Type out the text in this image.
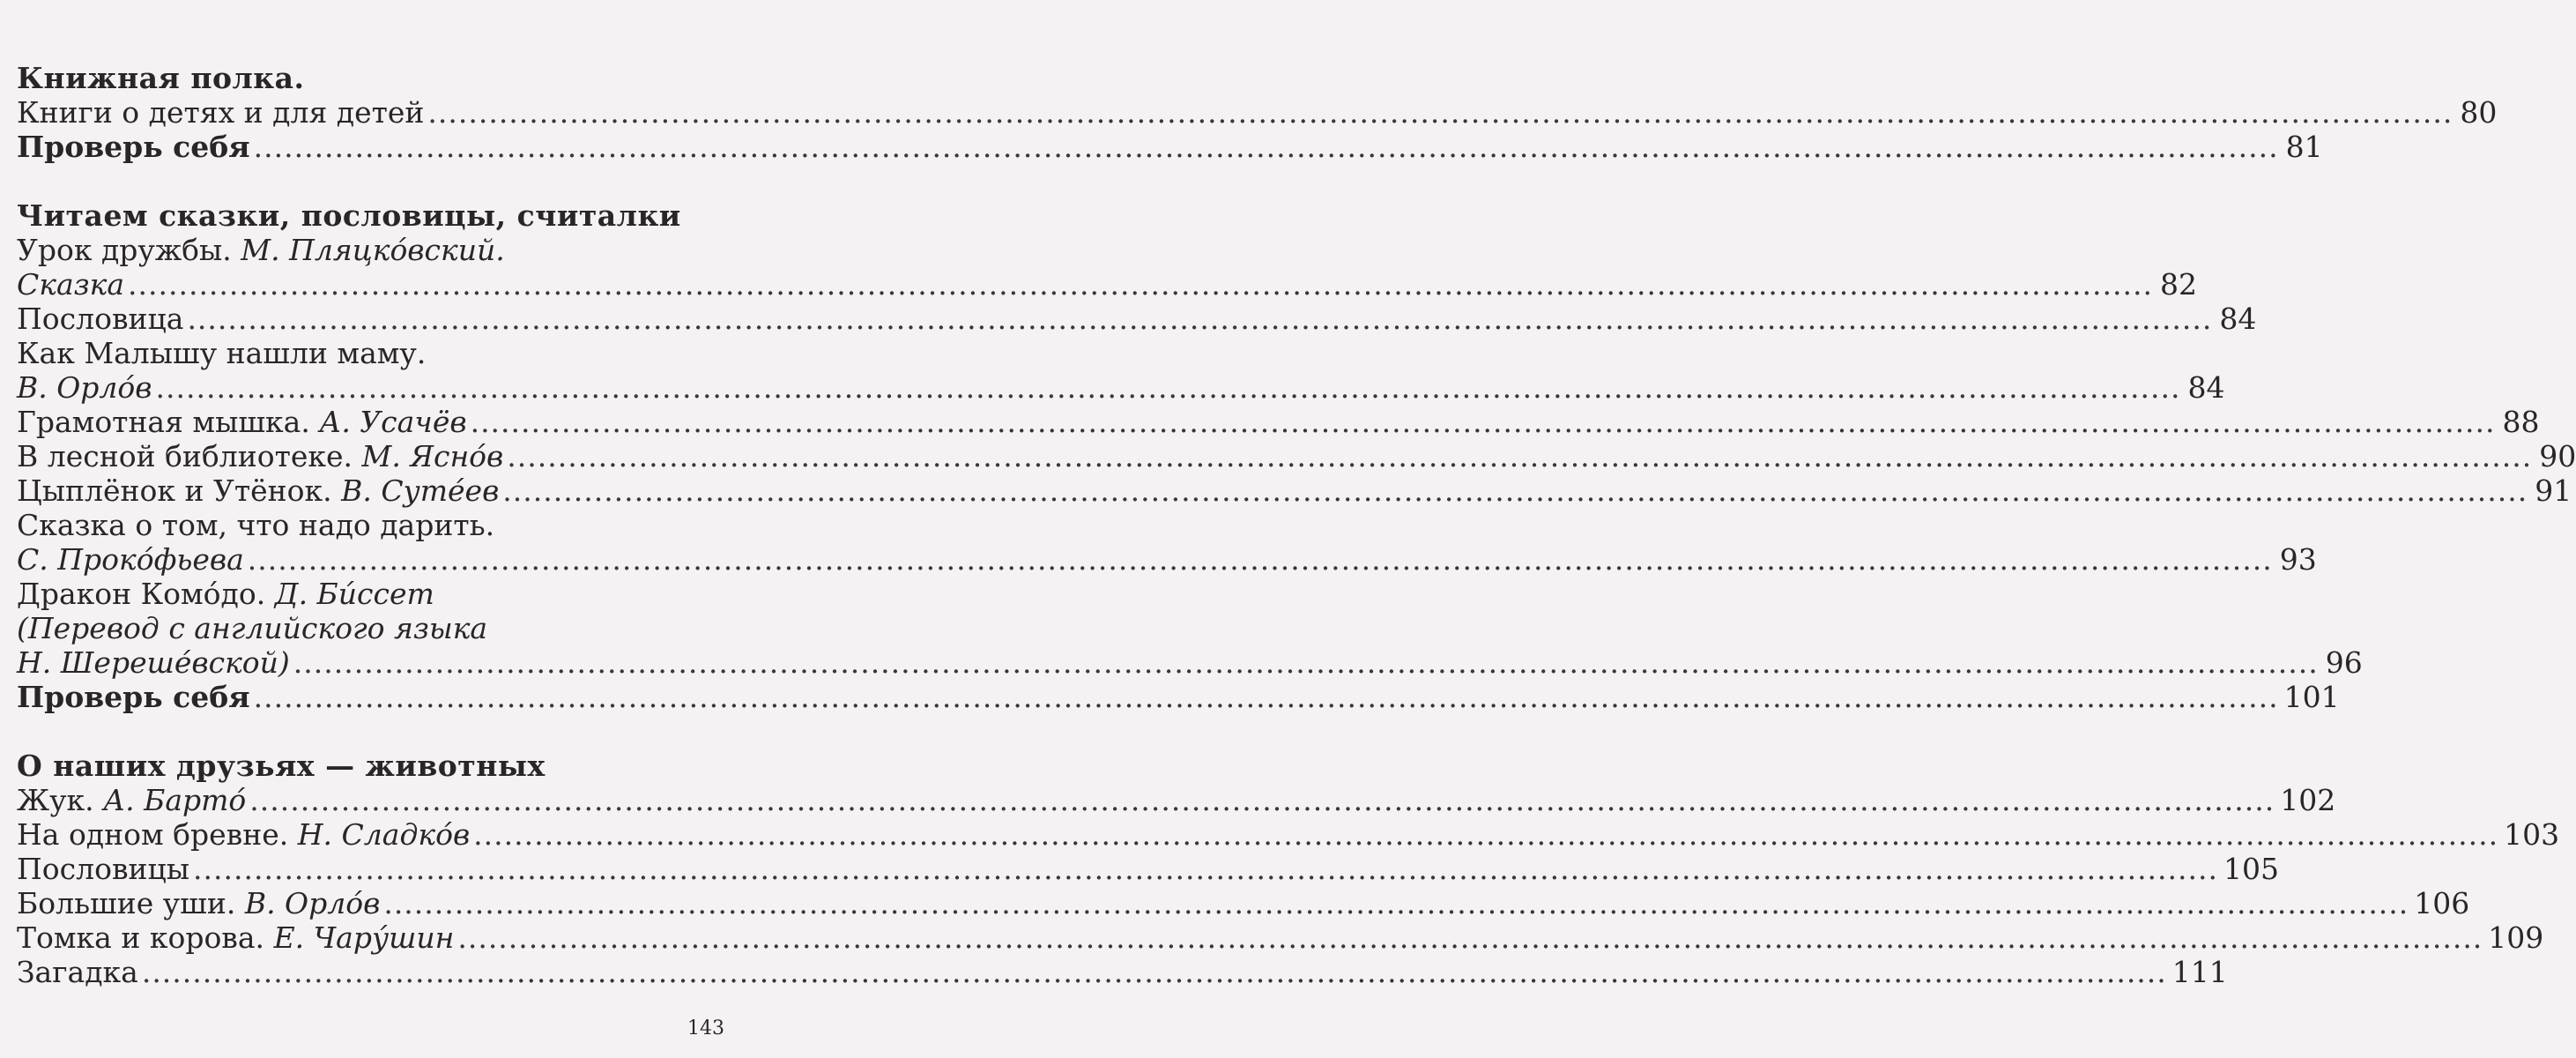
Книжная полка.
Книги о детях и для детей ........................................................................................................................................................................................................ 80
Проверь себя ........................................................................................................................................................................................................ 81
Читаем сказки, пословицы, считалки
Урок дружбы.
М. Пляцко́вский.
Сказка ........................................................................................................................................................................................................ 82
Пословица ........................................................................................................................................................................................................ 84
Как Малышу нашли маму.
В. Орло́в ........................................................................................................................................................................................................ 84
Грамотная мышка.
А. Усачёв ........................................................................................................................................................................................................ 88
В лесной библиотеке.
М. Ясно́в ........................................................................................................................................................................................................ 90
Цыплёнок и Утёнок.
В. Суте́ев ........................................................................................................................................................................................................ 91
Сказка о том, что надо дарить.
С. Проко́фьева ........................................................................................................................................................................................................ 93
Дракон Комо́до.
Д. Би́ссет
(Перевод с английского языка
Н. Шереше́вской) ........................................................................................................................................................................................................ 96
Проверь себя ........................................................................................................................................................................................................ 101
О наших друзьях — животных
Жук.
А. Барто́ ........................................................................................................................................................................................................ 102
На одном бревне.
Н. Сладко́в ........................................................................................................................................................................................................ 103
Пословицы ........................................................................................................................................................................................................ 105
Большие уши.
В. Орло́в ........................................................................................................................................................................................................ 106
Томка и корова.
Е. Чару́шин ........................................................................................................................................................................................................ 109
Загадка ........................................................................................................................................................................................................ 111
143
